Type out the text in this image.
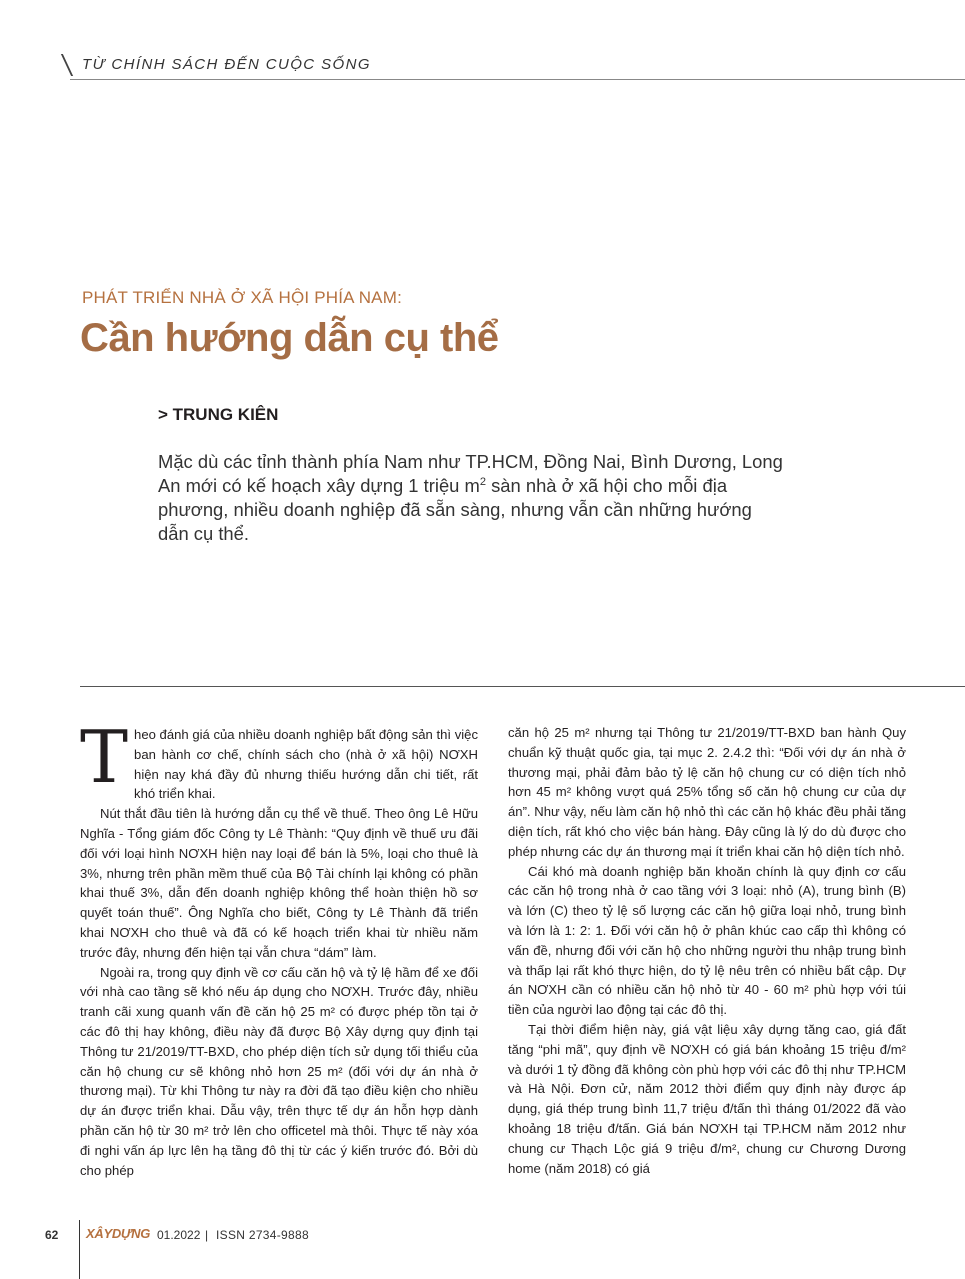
TỪ CHÍNH SÁCH ĐẾN CUỘC SỐNG
PHÁT TRIỂN NHÀ Ở XÃ HỘI PHÍA NAM:
Cần hướng dẫn cụ thể
> TRUNG KIÊN
Mặc dù các tỉnh thành phía Nam như TP.HCM, Đồng Nai, Bình Dương, Long An mới có kế hoạch xây dựng 1 triệu $m^2$ sàn nhà ở xã hội cho mỗi địa phương, nhiều doanh nghiệp đã sẵn sàng, nhưng vẫn cần những hướng dẫn cụ thể.

Theo đánh giá của nhiều doanh nghiệp bất động sản thì việc ban hành cơ chế, chính sách cho (nhà ở xã hội) NƠXH hiện nay khá đầy đủ nhưng thiếu hướng dẫn chi tiết, rất khó triển khai.

Nút thắt đầu tiên là hướng dẫn cụ thể về thuế. Theo ông Lê Hữu Nghĩa - Tổng giám đốc Công ty Lê Thành: “Quy định về thuế ưu đãi đối với loại hình NƠXH hiện nay loại để bán là 5%, loại cho thuê là 3%, nhưng trên phần mềm thuế của Bộ Tài chính lại không có phần khai thuế 3%, dẫn đến doanh nghiệp không thể hoàn thiện hồ sơ quyết toán thuế”. Ông Nghĩa cho biết, Công ty Lê Thành đã triển khai NƠXH cho thuê và đã có kế hoạch triển khai từ nhiều năm trước đây, nhưng đến hiện tại vẫn chưa “dám” làm.

Ngoài ra, trong quy định về cơ cấu căn hộ và tỷ lệ hầm để xe đối với nhà cao tầng sẽ khó nếu áp dụng cho NƠXH. Trước đây, nhiều tranh cãi xung quanh vấn đề căn hộ 25 m² có được phép tồn tại ở các đô thị hay không, điều này đã được Bộ Xây dựng quy định tại Thông tư 21/2019/TT-BXD, cho phép diện tích sử dụng tối thiểu của căn hộ chung cư sẽ không nhỏ hơn 25 m² (đối với dự án nhà ở thương mại). Từ khi Thông tư này ra đời đã tạo điều kiện cho nhiều dự án được triển khai. Dẫu vậy, trên thực tế dự án hỗn hợp dành phần căn hộ từ 30 m² trở lên cho officetel mà thôi. Thực tế này xóa đi nghi vấn áp lực lên hạ tầng đô thị từ các ý kiến trước đó. Bởi dù cho phép

căn hộ 25 m² nhưng tại Thông tư 21/2019/TT-BXD ban hành Quy chuẩn kỹ thuật quốc gia, tại mục 2. 2.4.2 thì: “Đối với dự án nhà ở thương mại, phải đảm bảo tỷ lệ căn hộ chung cư có diện tích nhỏ hơn 45 m² không vượt quá 25% tổng số căn hộ chung cư của dự án”. Như vậy, nếu làm căn hộ nhỏ thì các căn hộ khác đều phải tăng diện tích, rất khó cho việc bán hàng. Đây cũng là lý do dù được cho phép nhưng các dự án thương mại ít triển khai căn hộ diện tích nhỏ.

Cái khó mà doanh nghiệp băn khoăn chính là quy định cơ cấu các căn hộ trong nhà ở cao tầng với 3 loại: nhỏ (A), trung bình (B) và lớn (C) theo tỷ lệ số lượng các căn hộ giữa loại nhỏ, trung bình và lớn là 1: 2: 1. Đối với căn hộ ở phân khúc cao cấp thì không có vấn đề, nhưng đối với căn hộ cho những người thu nhập trung bình và thấp lại rất khó thực hiện, do tỷ lệ nêu trên có nhiều bất cập. Dự án NƠXH cần có nhiều căn hộ nhỏ từ 40 - 60 m² phù hợp với túi tiền của người lao động tại các đô thị.

Tại thời điểm hiện này, giá vật liệu xây dựng tăng cao, giá đất tăng “phi mã”, quy định về NƠXH có giá bán khoảng 15 triệu đ/m² và dưới 1 tỷ đồng đã không còn phù hợp với các đô thị như TP.HCM và Hà Nội. Đơn cử, năm 2012 thời điểm quy định này được áp dụng, giá thép trung bình 11,7 triệu đ/tấn thì tháng 01/2022 đã vào khoảng 18 triệu đ/tấn. Giá bán NƠXH tại TP.HCM năm 2012 như chung cư Thạch Lộc giá 9 triệu đ/m², chung cư Chương Dương home (năm 2018) có giá

62 XÂYDỰNG 01.2022 | ISSN 2734-9888
